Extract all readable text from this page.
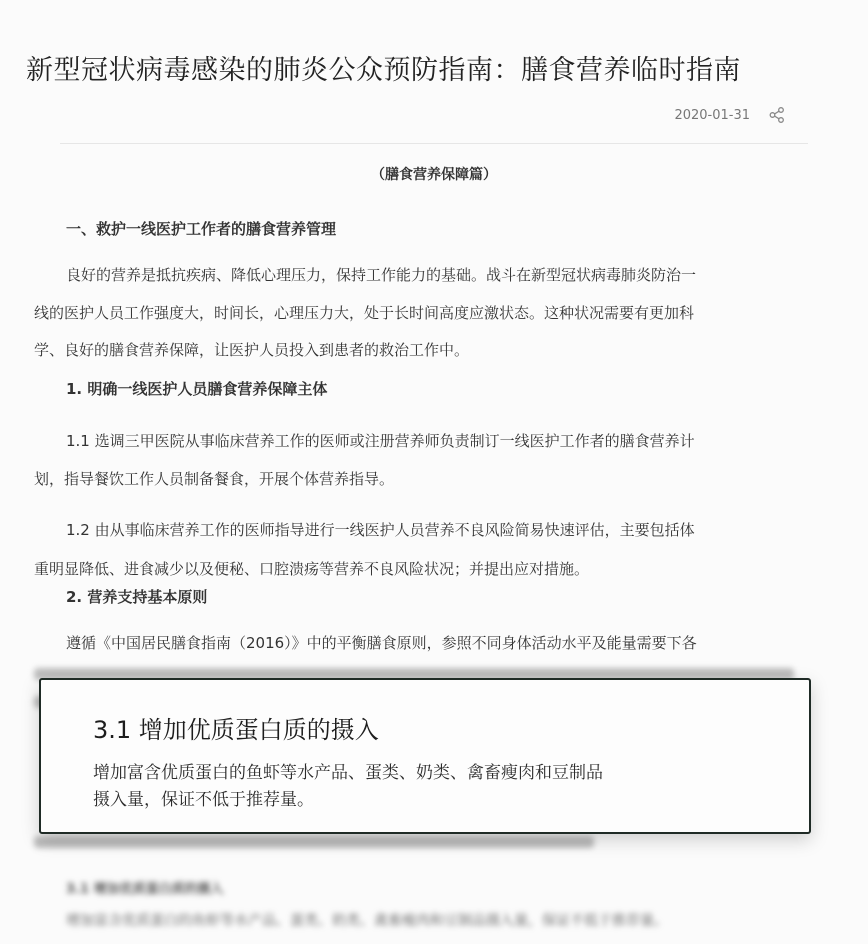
新型冠状病毒感染的肺炎公众预防指南：膳食营养临时指南
2020-01-31
（膳食营养保障篇）
一、救护一线医护工作者的膳食营养管理
良好的营养是抵抗疾病、降低心理压力，保持工作能力的基础。战斗在新型冠状病毒肺炎防治一
线的医护人员工作强度大，时间长，心理压力大，处于长时间高度应激状态。这种状况需要有更加科
学、良好的膳食营养保障，让医护人员投入到患者的救治工作中。
1. 明确一线医护人员膳食营养保障主体
1.1 选调三甲医院从事临床营养工作的医师或注册营养师负责制订一线医护工作者的膳食营养计
划，指导餐饮工作人员制备餐食，开展个体营养指导。
1.2 由从事临床营养工作的医师指导进行一线医护人员营养不良风险简易快速评估，主要包括体
重明显降低、进食减少以及便秘、口腔溃疡等营养不良风险状况；并提出应对措施。
2. 营养支持基本原则
遵循《中国居民膳食指南（2016）》中的平衡膳食原则，参照不同身体活动水平及能量需要下各
3.1 增加优质蛋白质的摄入
增加富含优质蛋白的鱼虾等水产品、蛋类、奶类、禽畜瘦肉和豆制品摄入量，保证不低于推荐量。
3.1 增加优质蛋白质的摄入
增加富含优质蛋白的鱼虾等水产品、蛋类、奶类、禽畜瘦肉和豆制品
摄入量，保证不低于推荐量。
